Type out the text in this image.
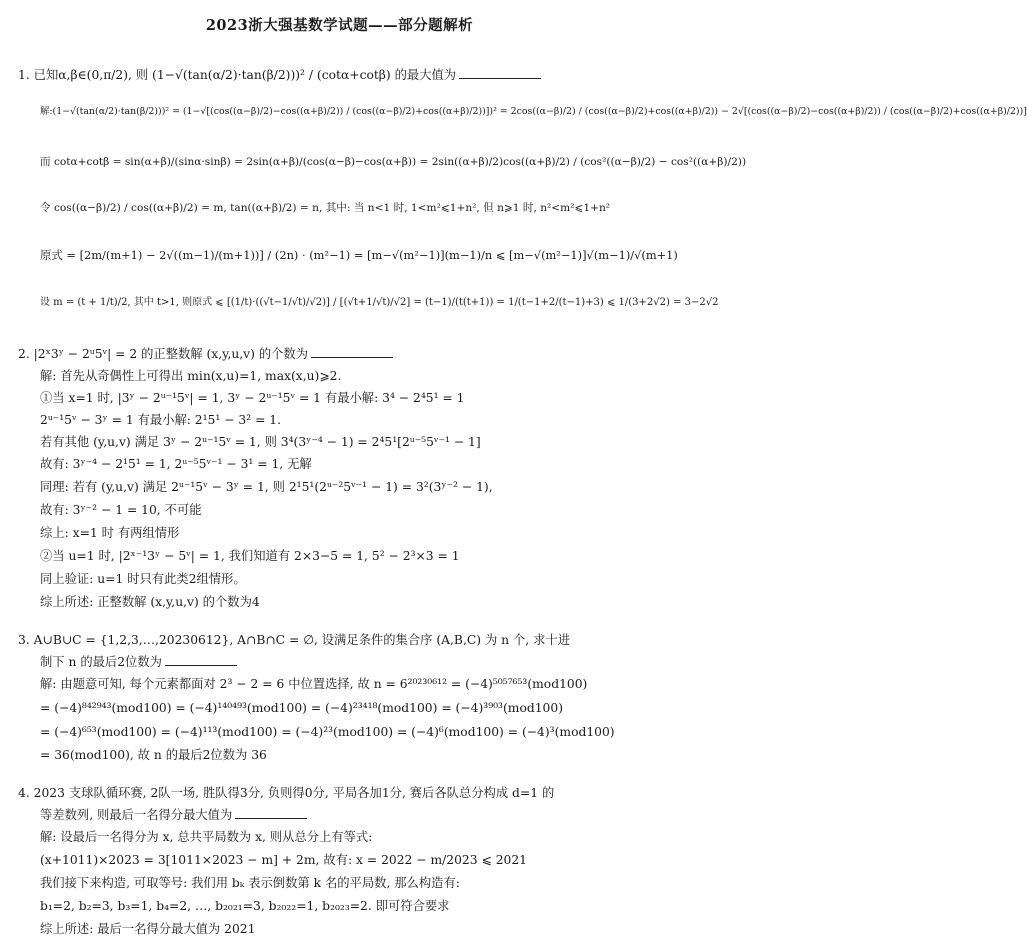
2023浙大强基数学试题——部分题解析
1. 已知α,β∈(0,π/2), 则 (1−√(tan(α/2)·tan(β/2)))² / (cotα+cotβ) 的最大值为
解:(1−√(tan(α/2)·tan(β/2)))² = (1−√[(cos((α−β)/2)−cos((α+β)/2)) / (cos((α−β)/2)+cos((α+β)/2))])² = 2cos((α−β)/2) / (cos((α−β)/2)+cos((α+β)/2)) − 2√[(cos((α−β)/2)−cos((α+β)/2)) / (cos((α−β)/2)+cos((α+β)/2))]
而 cotα+cotβ = sin(α+β)/(sinα·sinβ) = 2sin(α+β)/(cos(α−β)−cos(α+β)) = 2sin((α+β)/2)cos((α+β)/2) / (cos²((α−β)/2) − cos²((α+β)/2))
令 cos((α−β)/2) / cos((α+β)/2) = m, tan((α+β)/2) = n, 其中: 当 n<1 时, 1<m²⩽1+n², 但 n⩾1 时, n²<m²⩽1+n²
原式 = [2m/(m+1) − 2√((m−1)/(m+1))] / (2n) · (m²−1) = [m−√(m²−1)](m−1)/n ⩽ [m−√(m²−1)]√(m−1)/√(m+1)
设 m = (t + 1/t)/2, 其中 t>1, 则原式 ⩽ [(1/t)·((√t−1/√t)/√2)] / [(√t+1/√t)/√2] = (t−1)/(t(t+1)) = 1/(t−1+2/(t−1)+3) ⩽ 1/(3+2√2) = 3−2√2
2. |2ˣ3ʸ − 2ᵘ5ᵛ| = 2 的正整数解 (x,y,u,v) 的个数为
解: 首先从奇偶性上可得出 min(x,u)=1, max(x,u)⩾2.
①当 x=1 时, |3ʸ − 2ᵘ⁻¹5ᵛ| = 1, 3ʸ − 2ᵘ⁻¹5ᵛ = 1 有最小解: 3⁴ − 2⁴5¹ = 1
2ᵘ⁻¹5ᵛ − 3ʸ = 1 有最小解: 2¹5¹ − 3² = 1.
若有其他 (y,u,v) 满足 3ʸ − 2ᵘ⁻¹5ᵛ = 1, 则 3⁴(3ʸ⁻⁴ − 1) = 2⁴5¹[2ᵘ⁻⁵5ᵛ⁻¹ − 1]
故有: 3ʸ⁻⁴ − 2¹5¹ = 1, 2ᵘ⁻⁵5ᵛ⁻¹ − 3¹ = 1, 无解
同理: 若有 (y,u,v) 满足 2ᵘ⁻¹5ᵛ − 3ʸ = 1, 则 2¹5¹(2ᵘ⁻²5ᵛ⁻¹ − 1) = 3²(3ʸ⁻² − 1),
故有: 3ʸ⁻² − 1 = 10, 不可能
综上: x=1 时 有两组情形
②当 u=1 时, |2ˣ⁻¹3ʸ − 5ᵛ| = 1, 我们知道有 2×3−5 = 1, 5² − 2³×3 = 1
同上验证: u=1 时只有此类2组情形。
综上所述: 正整数解 (x,y,u,v) 的个数为4
3. A∪B∪C = {1,2,3,…,20230612}, A∩B∩C = ∅, 设满足条件的集合序 (A,B,C) 为 n 个, 求十进
制下 n 的最后2位数为
解: 由题意可知, 每个元素都面对 2³ − 2 = 6 中位置选择, 故 n = 6²⁰²³⁰⁶¹² = (−4)⁵⁰⁵⁷⁶⁵³(mod100)
= (−4)⁸⁴²⁹⁴³(mod100) = (−4)¹⁴⁰⁴⁹³(mod100) = (−4)²³⁴¹⁸(mod100) = (−4)³⁹⁰³(mod100)
= (−4)⁶⁵³(mod100) = (−4)¹¹³(mod100) = (−4)²³(mod100) = (−4)⁶(mod100) = (−4)³(mod100)
= 36(mod100), 故 n 的最后2位数为 36
4. 2023 支球队循环赛, 2队一场, 胜队得3分, 负则得0分, 平局各加1分, 赛后各队总分构成 d=1 的
等差数列, 则最后一名得分最大值为
解: 设最后一名得分为 x, 总共平局数为 x, 则从总分上有等式:
(x+1011)×2023 = 3[1011×2023 − m] + 2m, 故有: x = 2022 − m/2023 ⩽ 2021
我们接下来构造, 可取等号: 我们用 bₖ 表示倒数第 k 名的平局数, 那么构造有:
b₁=2, b₂=3, b₃=1, b₄=2, …, b₂₀₂₁=3, b₂₀₂₂=1, b₂₀₂₃=2. 即可符合要求
综上所述: 最后一名得分最大值为 2021
